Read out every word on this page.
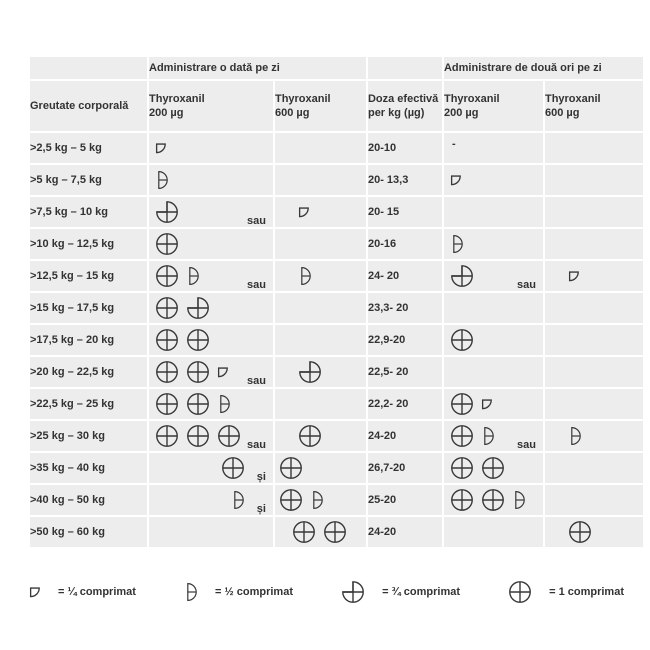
	Administrare o dată pe zi			Administrare de două ori pe zi	
Greutate corporală	Thyroxanil 200 µg	Thyroxanil 600 µg	Doza efectivă per kg (µg)	Thyroxanil 200 µg	Thyroxanil 600 µg
>2,5 kg – 5 kg			20-10	-	

>5 kg – 7,5 kg			20- 13,3	

>7,5 kg – 10 kg	sau		20- 15	

>10 kg – 12,5 kg			20-16	

>12,5 kg – 15 kg	sau		24- 20	sau

>15 kg – 17,5 kg			23,3- 20	

>17,5 kg – 20 kg			22,9-20	

>20 kg – 22,5 kg	sau		22,5- 20	

>22,5 kg – 25 kg			22,2- 20	

>25 kg – 30 kg	sau		24-20	sau

>35 kg – 40 kg	și		26,7-20	

>40 kg – 50 kg	și		25-20	

>50 kg – 60 kg			24-20	

= ¼ comprimat	= ½ comprimat	= ¾ comprimat	= 1 comprimat
